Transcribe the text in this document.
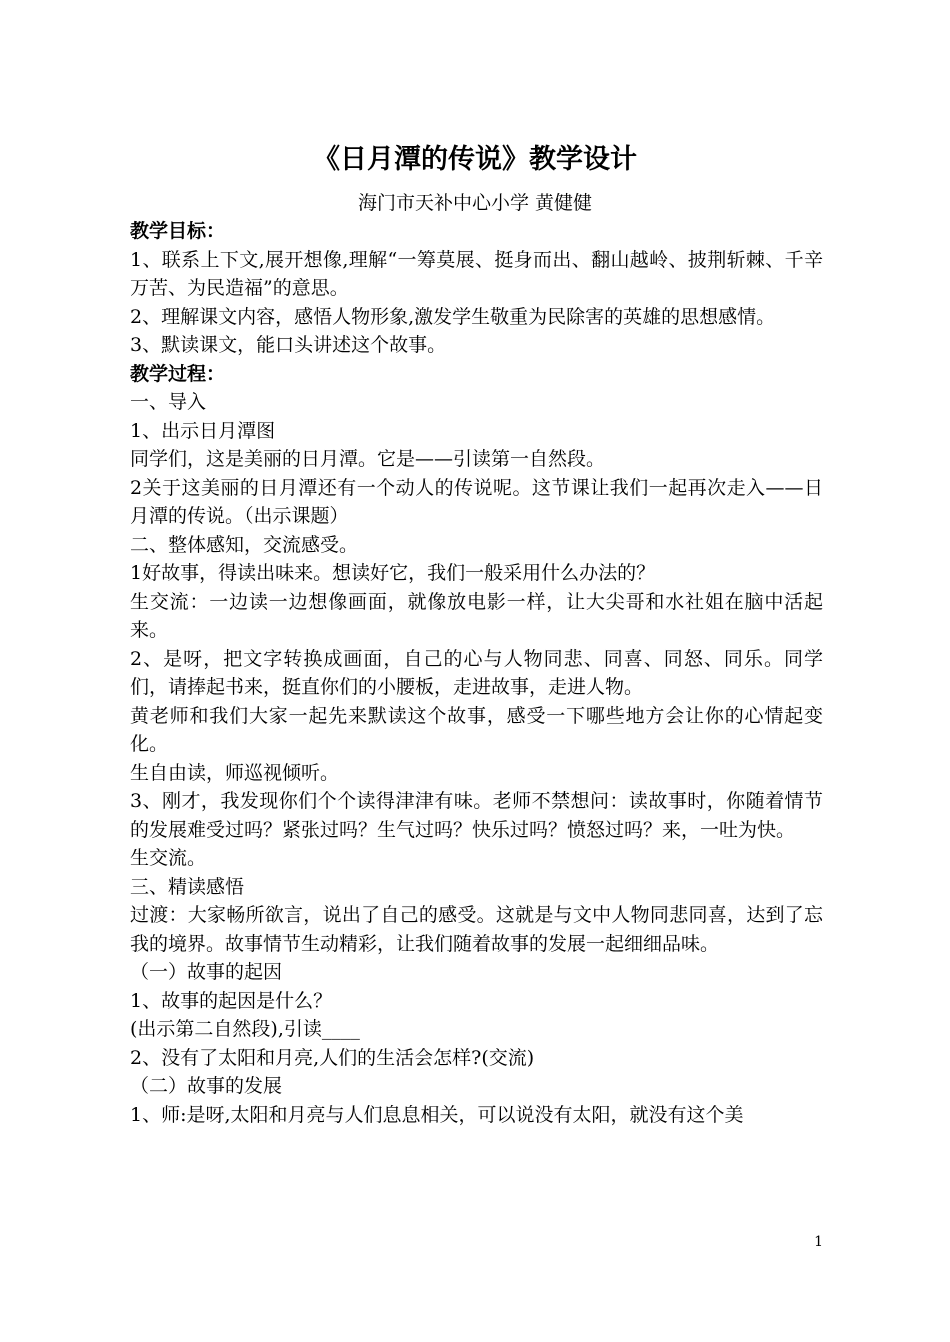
《日月潭的传说》教学设计
海门市天补中心小学 黄健健

教学目标：

1、联系上下文,展开想像,理解“一筹莫展、挺身而出、翻山越岭、披荆斩棘、千辛万苦、为民造福”的意思。

2、理解课文内容，感悟人物形象,激发学生敬重为民除害的英雄的思想感情。

3、默读课文，能口头讲述这个故事。

教学过程：

一、导入

1、出示日月潭图

同学们，这是美丽的日月潭。它是——引读第一自然段。

2关于这美丽的日月潭还有一个动人的传说呢。这节课让我们一起再次走入——日月潭的传说。（出示课题）

二、整体感知，交流感受。

1好故事，得读出味来。想读好它，我们一般采用什么办法的？

生交流：一边读一边想像画面，就像放电影一样，让大尖哥和水社姐在脑中活起来。

2、是呀，把文字转换成画面，自己的心与人物同悲、同喜、同怒、同乐。同学们，请捧起书来，挺直你们的小腰板，走进故事，走进人物。

黄老师和我们大家一起先来默读这个故事，感受一下哪些地方会让你的心情起变化。

生自由读，师巡视倾听。

3、刚才，我发现你们个个读得津津有味。老师不禁想问：读故事时，你随着情节的发展难受过吗？紧张过吗？生气过吗？快乐过吗？愤怒过吗？来，一吐为快。

生交流。

三、精读感悟

过渡：大家畅所欲言，说出了自己的感受。这就是与文中人物同悲同喜，达到了忘我的境界。故事情节生动精彩，让我们随着故事的发展一起细细品味。

（一）故事的起因

1、故事的起因是什么？

(出示第二自然段),引读____

2、没有了太阳和月亮,人们的生活会怎样?(交流)

（二）故事的发展

1、师:是呀,太阳和月亮与人们息息相关，可以说没有太阳，就没有这个美

1
